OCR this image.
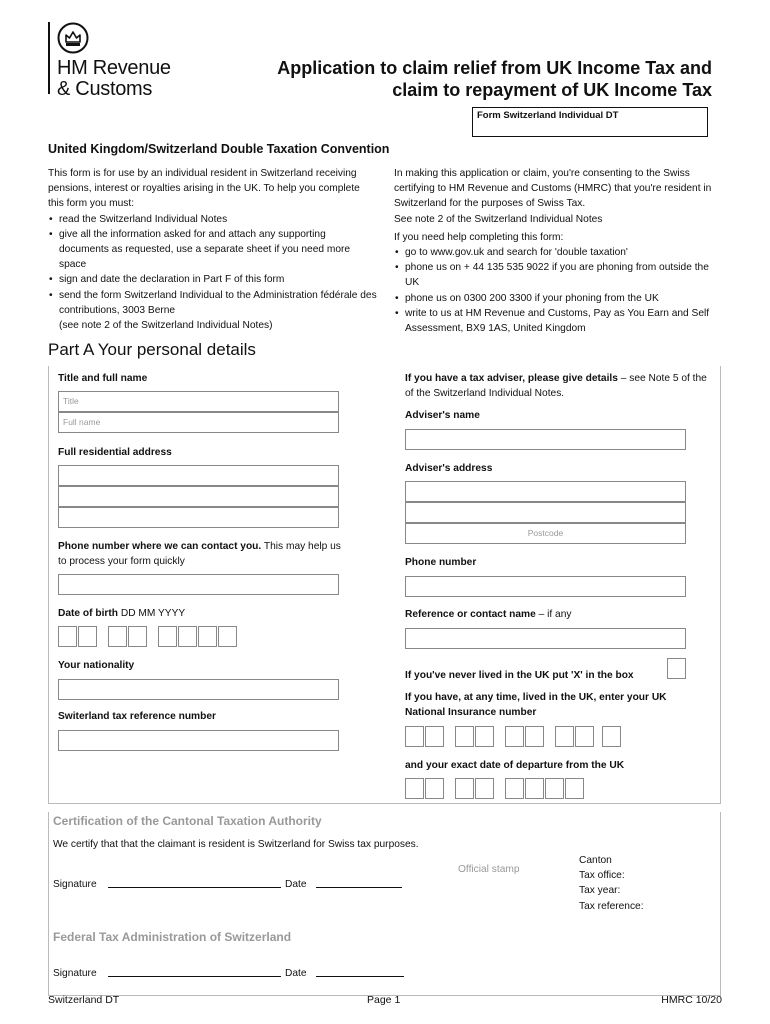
HM Revenue
& Customs
Application to claim relief from UK Income Tax and
claim to repayment of UK Income Tax
Form Switzerland Individual DT
United Kingdom/Switzerland Double Taxation Convention
This form is for use by an individual resident in Switzerland receiving pensions, interest or royalties arising in the UK. To help you complete this form you must:
• read the Switzerland Individual Notes
• give all the information asked for and attach any supporting documents as requested, use a separate sheet if you need more space
• sign and date the declaration in Part F of this form
• send the form Switzerland Individual to the Administration fédérale des contributions, 3003 Berne
(see note 2 of the Switzerland Individual Notes)
In making this application or claim, you're consenting to the Swiss certifying to HM Revenue and Customs (HMRC) that you're resident in Switzerland for the purposes of Swiss Tax.
See note 2 of the Switzerland Individual Notes
If you need help completing this form:
• go to www.gov.uk and search for 'double taxation'
• phone us on + 44 135 535 9022 if you are phoning from outside the UK
• phone us on 0300 200 3300 if your phoning from the UK
• write to us at HM Revenue and Customs, Pay as You Earn and Self Assessment, BX9 1AS, United Kingdom
Part A Your personal details
Title and full name
Title
Full name
Full residential address
Phone number where we can contact you. This may help us to process your form quickly
Date of birth DD MM YYYY
Your nationality
Switerland tax reference number
If you have a tax adviser, please give details – see Note 5 of the of the Switzerland Individual Notes.
Adviser's name
Adviser's address
Postcode
Phone number
Reference or contact name – if any
If you've never lived in the UK put 'X' in the box
If you have, at any time, lived in the UK, enter your UK National Insurance number
and your exact date of departure from the UK
Certification of the Cantonal Taxation Authority
We certify that that the claimant is resident is Switzerland for Swiss tax purposes.
Signature	Date
Official stamp
Canton
Tax office:
Tax year:
Tax reference:
Federal Tax Administration of Switzerland
Signature	Date
Switzerland DT	Page 1	HMRC 10/20
